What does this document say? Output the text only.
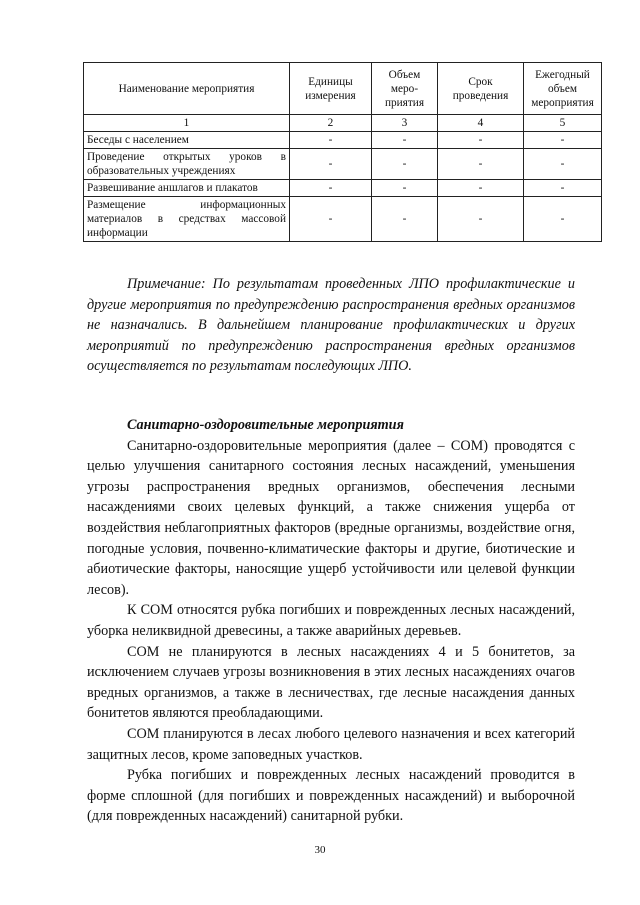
Наименование мероприятия	Единицы измерения	Объем меро-приятия	Срок проведения	Ежегодный объем мероприятия
1	2	3	4	5
Беседы с населением	-	-	-	-
Проведение открытых уроков в образовательных учреждениях	-	-	-	-
Развешивание аншлагов и плакатов	-	-	-	-
Размещение информационных материалов в средствах массовой информации	-	-	-	-

Примечание: По результатам проведенных ЛПО профилактические и другие мероприятия по предупреждению распространения вредных организмов не назначались. В дальнейшем планирование профилактических и других мероприятий по предупреждению распространения вредных организмов осуществляется по результатам последующих ЛПО.

Санитарно-оздоровительные мероприятия

Санитарно-оздоровительные мероприятия (далее – СОМ) проводятся с целью улучшения санитарного состояния лесных насаждений, уменьшения угрозы распространения вредных организмов, обеспечения лесными насаждениями своих целевых функций, а также снижения ущерба от воздействия неблагоприятных факторов (вредные организмы, воздействие огня, погодные условия, почвенно-климатические факторы и другие, биотические и абиотические факторы, наносящие ущерб устойчивости или целевой функции лесов).

К СОМ относятся рубка погибших и поврежденных лесных насаждений, уборка неликвидной древесины, а также аварийных деревьев.

СОМ не планируются в лесных насаждениях 4 и 5 бонитетов, за исключением случаев угрозы возникновения в этих лесных насаждениях очагов вредных организмов, а также в лесничествах, где лесные насаждения данных бонитетов являются преобладающими.

СОМ планируются в лесах любого целевого назначения и всех категорий защитных лесов, кроме заповедных участков.

Рубка погибших и поврежденных лесных насаждений проводится в форме сплошной (для погибших и поврежденных насаждений) и выборочной (для поврежденных насаждений) санитарной рубки.

30
